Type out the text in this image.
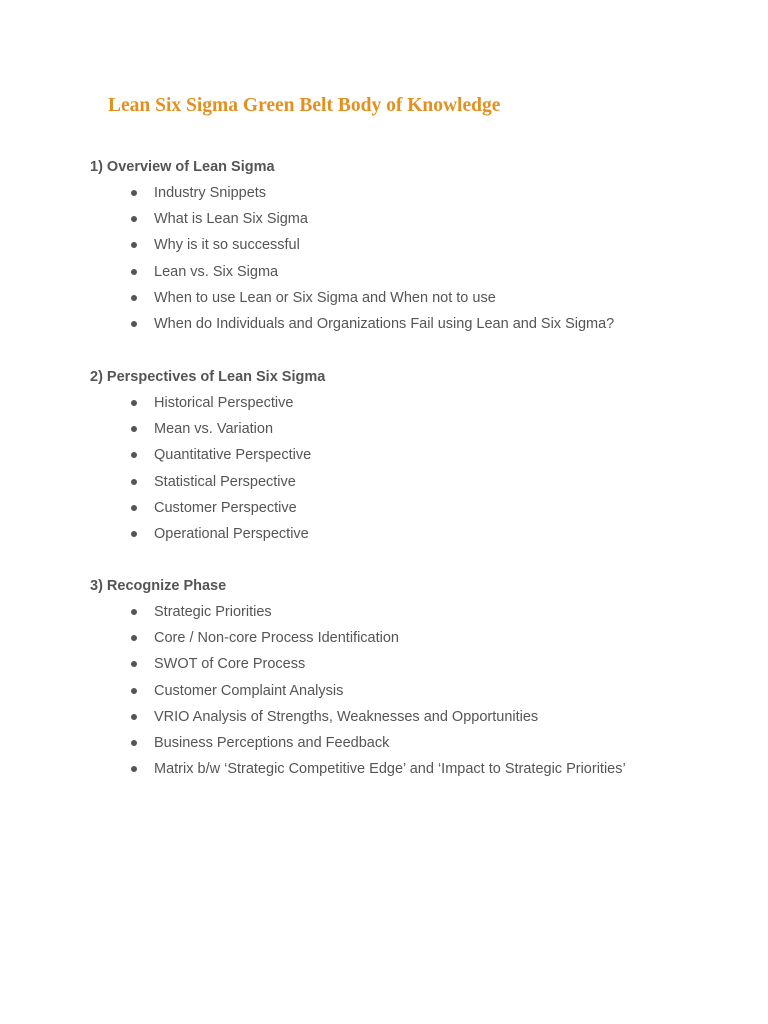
Lean Six Sigma Green Belt Body of Knowledge
1) Overview of Lean Sigma
Industry Snippets
What is Lean Six Sigma
Why is it so successful
Lean vs. Six Sigma
When to use Lean or Six Sigma and When not to use
When do Individuals and Organizations Fail using Lean and Six Sigma?
2) Perspectives of Lean Six Sigma
Historical Perspective
Mean vs. Variation
Quantitative Perspective
Statistical Perspective
Customer Perspective
Operational Perspective
3) Recognize Phase
Strategic Priorities
Core / Non-core Process Identification
SWOT of Core Process
Customer Complaint Analysis
VRIO Analysis of Strengths, Weaknesses and Opportunities
Business Perceptions and Feedback
Matrix b/w ‘Strategic Competitive Edge’ and ‘Impact to Strategic Priorities’
